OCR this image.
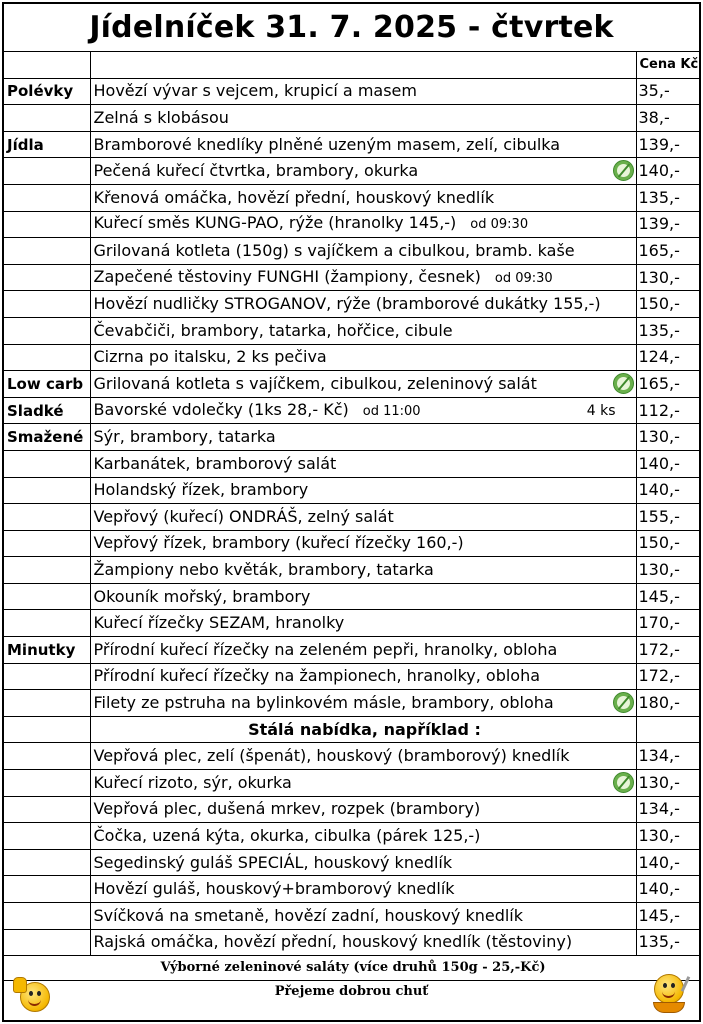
Jídelníček 31. 7. 2025 - čtvrtek
		Cena Kč
Polévky	Hovězí vývar s vejcem, krupicí a masem	35,-
	Zelná s klobásou	38,-
Jídla	Bramborové knedlíky plněné uzeným masem, zelí, cibulka	139,-
	Pečená kuřecí čtvrtka, brambory, okurka	140,-
	Křenová omáčka, hovězí přední, houskový knedlík	135,-
	Kuřecí směs KUNG-PAO, rýže (hranolky 145,-) od 09:30	139,-
	Grilovaná kotleta (150g) s vajíčkem a cibulkou, bramb. kaše	165,-
	Zapečené těstoviny FUNGHI (žampiony, česnek) od 09:30	130,-
	Hovězí nudličky STROGANOV, rýže (bramborové dukátky 155,-)	150,-
	Čevabčiči, brambory, tatarka, hořčice, cibule	135,-
	Cizrna po italsku, 2 ks pečiva	124,-
Low carb	Grilovaná kotleta s vajíčkem, cibulkou, zeleninový salát	165,-
Sladké	Bavorské vdolečky (1ks 28,- Kč) od 11:00 4 ks	112,-
Smažené	Sýr, brambory, tatarka	130,-
	Karbanátek, bramborový salát	140,-
	Holandský řízek, brambory	140,-
	Vepřový (kuřecí) ONDRÁŠ, zelný salát	155,-
	Vepřový řízek, brambory (kuřecí řízečky 160,-)	150,-
	Žampiony nebo květák, brambory, tatarka	130,-
	Okouník mořský, brambory	145,-
	Kuřecí řízečky SEZAM, hranolky	170,-
Minutky	Přírodní kuřecí řízečky na zeleném pepři, hranolky, obloha	172,-
	Přírodní kuřecí řízečky na žampionech, hranolky, obloha	172,-
	Filety ze pstruha na bylinkovém másle, brambory, obloha	180,-
	Stálá nabídka, například :	
	Vepřová plec, zelí (špenát), houskový (bramborový) knedlík	134,-
	Kuřecí rizoto, sýr, okurka	130,-
	Vepřová plec, dušená mrkev, rozpek (brambory)	134,-
	Čočka, uzená kýta, okurka, cibulka (párek 125,-)	130,-
	Segedinský guláš SPECIÁL, houskový knedlík	140,-
	Hovězí guláš, houskový+bramborový knedlík	140,-
	Svíčková na smetaně, hovězí zadní, houskový knedlík	145,-
	Rajská omáčka, hovězí přední, houskový knedlík (těstoviny)	135,-
Výborné zeleninové saláty (více druhů 150g - 25,-Kč)		
Přejeme dobrou chuť
